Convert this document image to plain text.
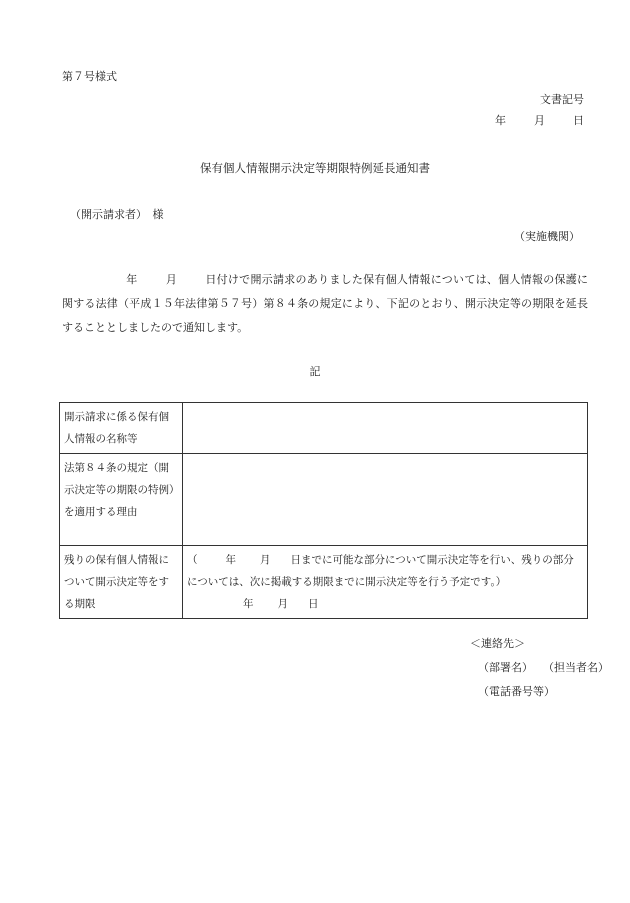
第７号様式
文書記号
年	月	日
保有個人情報開示決定等期限特例延長通知書
（開示請求者）　様
（実施機関）
年	月	日付けで開示請求のありました保有個人情報については、個人情報の保護に関する法律（平成１５年法律第５７号）第８４条の規定により、下記のとおり、開示決定等の期限を延長することとしましたので通知します。
記
開示請求に係る保有個人情報の名称等	
法第８４条の規定（開示決定等の期限の特例）を適用する理由	
残りの保有個人情報について開示決定等をする期限	（ 年 月 日までに可能な部分について開示決定等を行い、残りの部分については、次に掲載する期限までに開示決定等を行う予定です。）
年 月 日
＜連絡先＞
（部署名） （担当者名）
（電話番号等）
